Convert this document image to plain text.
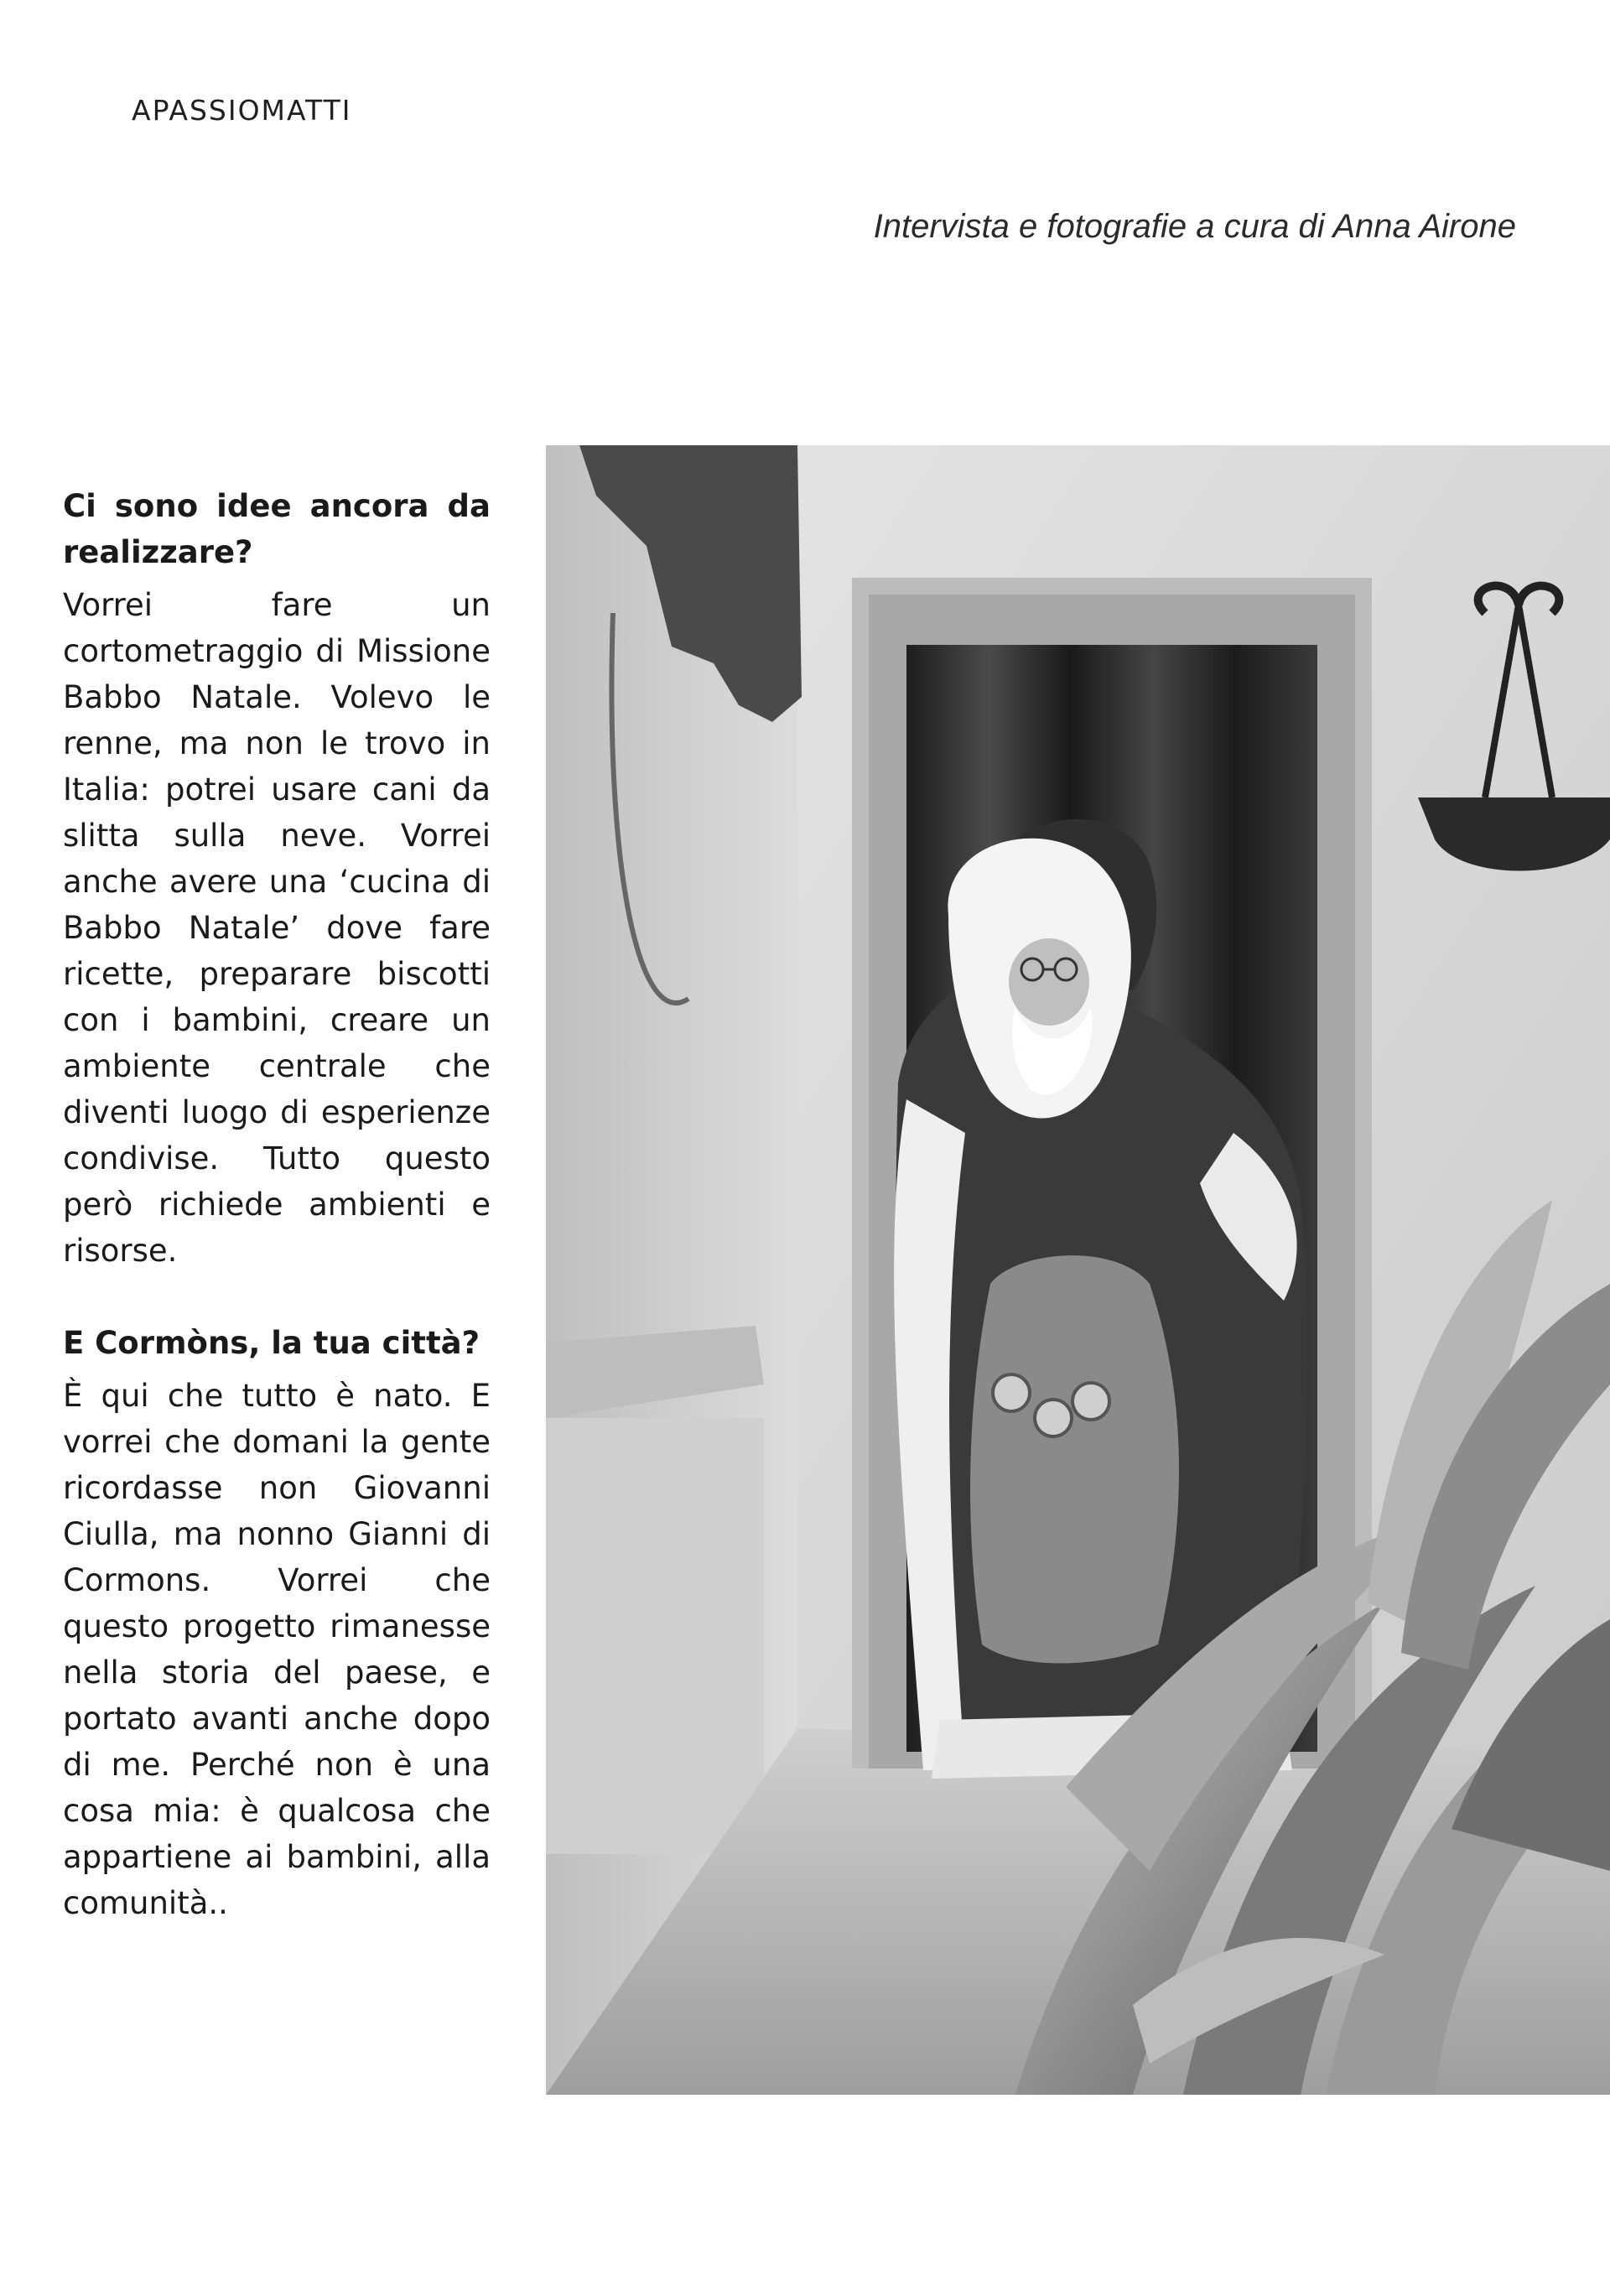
APASSIOMATTI
Intervista e fotografie a cura di Anna Airone

Ci sono idee ancora da realizzare?

Vorrei fare un cortometraggio di Missione Babbo Natale. Volevo le renne, ma non le trovo in Italia: potrei usare cani da slitta sulla neve. Vorrei anche avere una ‘cucina di Babbo Natale’ dove fare ricette, preparare biscotti con i bambini, creare un ambiente centrale che diventi luogo di esperienze condivise. Tutto questo però richiede ambienti e risorse.

E Cormòns, la tua città?

È qui che tutto è nato. E vorrei che domani la gente ricordasse non Giovanni Ciulla, ma nonno Gianni di Cormons. Vorrei che questo progetto rimanesse nella storia del paese, e portato avanti anche dopo di me. Perché non è una cosa mia: è qualcosa che appartiene ai bambini, alla comunità..
